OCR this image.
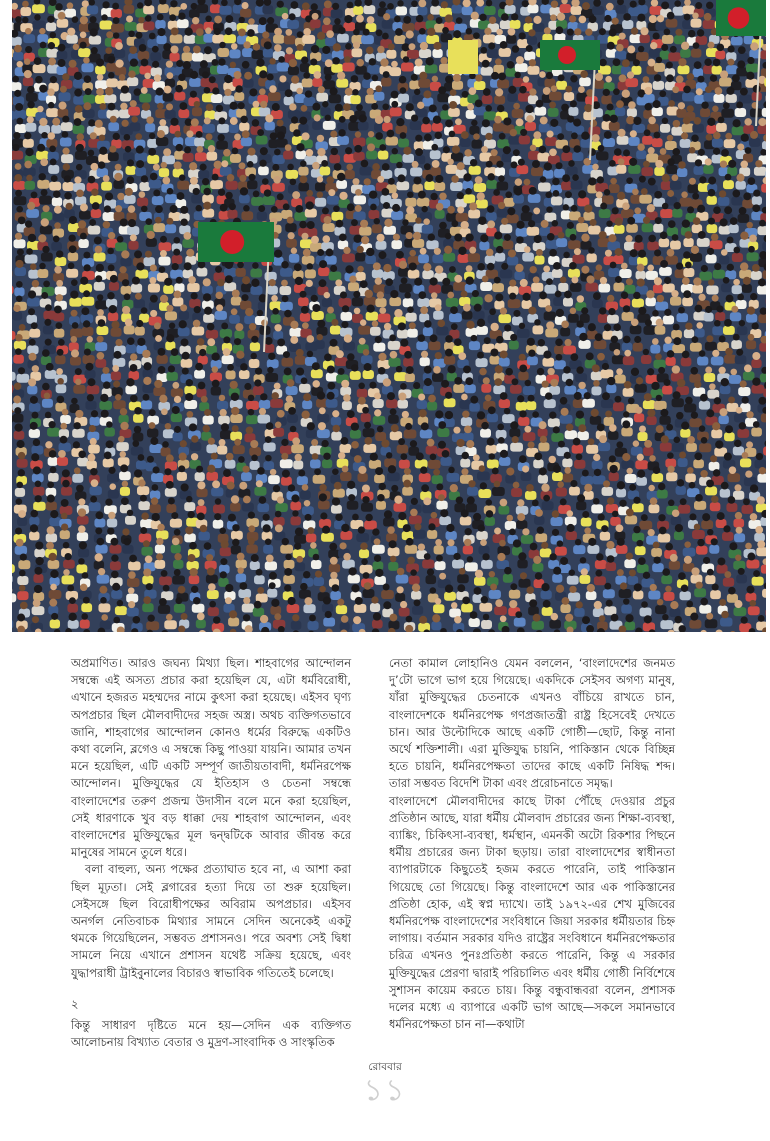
অপ্রমাণিত। আরও জঘন্য মিথ্যা ছিল। শাহবাগের আন্দোলন সম্বন্ধে এই অসত্য প্রচার করা হয়েছিল যে, এটা ধর্মবিরোধী, এখানে হজরত মহম্মদের নামে কুৎসা করা হয়েছে। এইসব ঘৃণ্য অপপ্রচার ছিল মৌলবাদীদের সহজ অস্ত্র। অথচ ব্যক্তিগতভাবে জানি, শাহবাগের আন্দোলন কোনও ধর্মের বিরুদ্ধে একটিও কথা বলেনি, ব্লগেও এ সম্বন্ধে কিছু পাওয়া যায়নি। আমার তখন মনে হয়েছিল, এটি একটি সম্পূর্ণ জাতীয়তাবাদী, ধর্মনিরপেক্ষ আন্দোলন। মুক্তিযুদ্ধের যে ইতিহাস ও চেতনা সম্বন্ধে বাংলাদেশের তরুণ প্রজন্ম উদাসীন বলে মনে করা হয়েছিল, সেই ধারণাকে খুব বড় ধাক্কা দেয় শাহবাগ আন্দোলন, এবং বাংলাদেশের মুক্তিযুদ্ধের মূল দ্বন্দ্বটিকে আবার জীবন্ত করে মানুষের সামনে তুলে ধরে।

বলা বাহুল্য, অন্য পক্ষের প্রত্যাঘাত হবে না, এ আশা করা ছিল মূঢ়তা। সেই ব্লগারের হত্যা দিয়ে তা শুরু হয়েছিল। সেইসঙ্গে ছিল বিরোধীপক্ষের অবিরাম অপপ্রচার। এইসব অনর্গল নেতিবাচক মিথ্যার সামনে সেদিন অনেকেই একটু থমকে গিয়েছিলেন, সম্ভবত প্রশাসনও। পরে অবশ্য সেই দ্বিধা সামলে নিয়ে এখানে প্রশাসন যথেষ্ট সক্রিয় হয়েছে, এবং যুদ্ধাপরাধী ট্রাইবুনালের বিচারও স্বাভাবিক গতিতেই চলেছে।

২

কিন্তু সাধারণ দৃষ্টিতে মনে হয়—সেদিন এক ব্যক্তিগত আলোচনায় বিখ্যাত বেতার ও মুদ্রণ-সাংবাদিক ও সাংস্কৃতিক

নেতা কামাল লোহানিও যেমন বললেন, ‘বাংলাদেশের জনমত দু’টো ভাগে ভাগ হয়ে গিয়েছে। একদিকে সেইসব অগণ্য মানুষ, যাঁরা মুক্তিযুদ্ধের চেতনাকে এখনও বাঁচিয়ে রাখতে চান, বাংলাদেশকে ধর্মনিরপেক্ষ গণপ্রজাতন্ত্রী রাষ্ট্র হিসেবেই দেখতে চান। আর উল্টোদিকে আছে একটি গোষ্ঠী—ছোট, কিন্তু নানা অর্থে শক্তিশালী। এরা মুক্তিযুদ্ধ চায়নি, পাকিস্তান থেকে বিচ্ছিন্ন হতে চায়নি, ধর্মনিরপেক্ষতা তাদের কাছে একটি নিষিদ্ধ শব্দ। তারা সম্ভবত বিদেশি টাকা এবং প্ররোচনাতে সমৃদ্ধ।

বাংলাদেশে মৌলবাদীদের কাছে টাকা পৌঁছে দেওয়ার প্রচুর প্রতিষ্ঠান আছে, যারা ধর্মীয় মৌলবাদ প্রচারের জন্য শিক্ষা-ব্যবস্থা, ব্যাঙ্কিং, চিকিৎসা-ব্যবস্থা, ধর্মস্থান, এমনকী অটো রিকশার পিছনে ধর্মীয় প্রচারের জন্য টাকা ছড়ায়। তারা বাংলাদেশের স্বাধীনতা ব্যাপারটাকে কিছুতেই হজম করতে পারেনি, তাই পাকিস্তান গিয়েছে তো গিয়েছে। কিন্তু বাংলাদেশে আর এক পাকিস্তানের প্রতিষ্ঠা হোক, এই স্বপ্ন দ্যাখে। তাই ১৯৭২-এর শেখ মুজিবের ধর্মনিরপেক্ষ বাংলাদেশের সংবিধানে জিয়া সরকার ধর্মীয়তার চিহ্ন লাগায়। বর্তমান সরকার যদিও রাষ্ট্রের সংবিধানে ধর্মনিরপেক্ষতার চরিত্র এখনও পুনঃপ্রতিষ্ঠা করতে পারেনি, কিন্তু এ সরকার মুক্তিযুদ্ধের প্রেরণা দ্বারাই পরিচালিত এবং ধর্মীয় গোষ্ঠী নির্বিশেষে সুশাসন কায়েম করতে চায়। কিন্তু বন্ধুবান্ধবরা বলেন, প্রশাসক দলের মধ্যে এ ব্যাপারে একটি ভাগ আছে—সকলে সমানভাবে ধর্মনিরপেক্ষতা চান না—কথাটা

রোববার
১১
